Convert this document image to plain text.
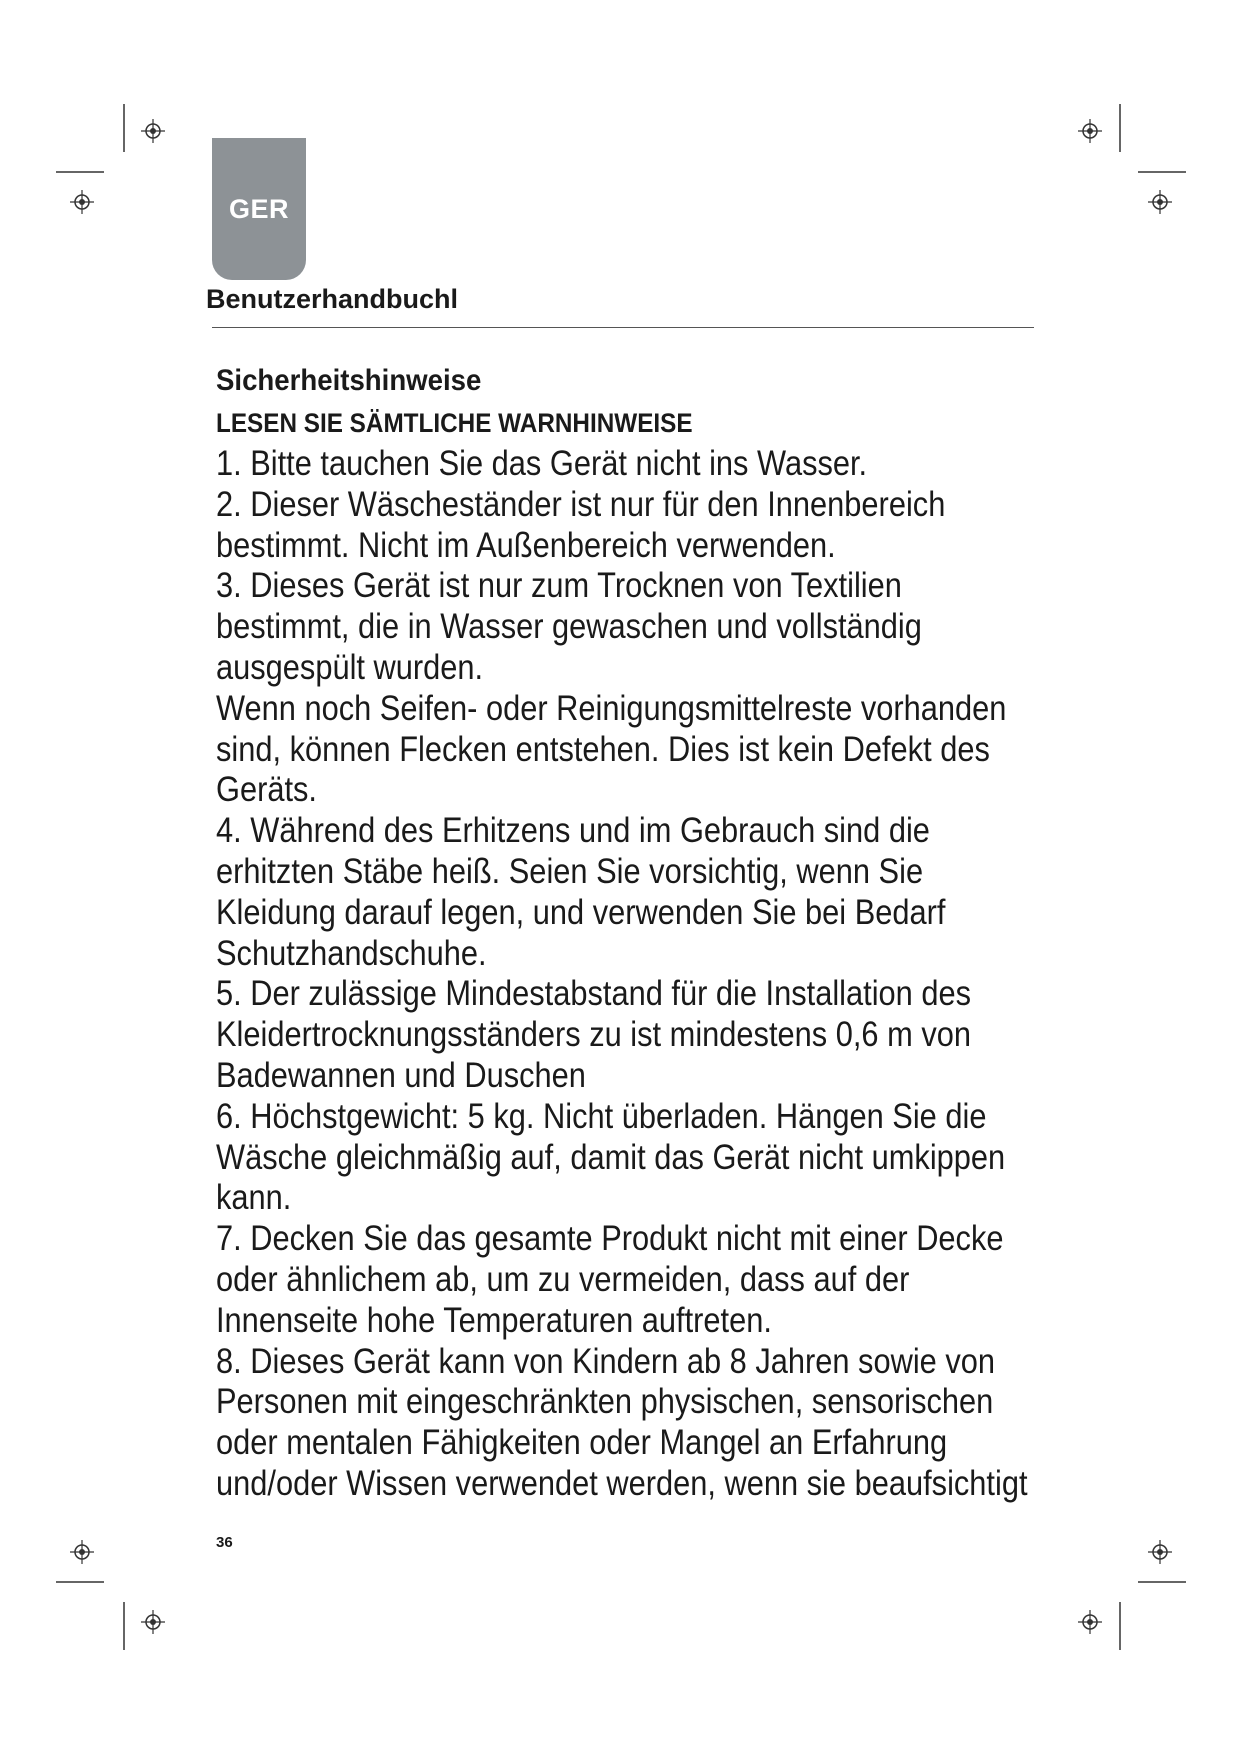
GER
Benutzerhandbuchl
Sicherheitshinweise
LESEN SIE SÄMTLICHE WARNHINWEISE

1. Bitte tauchen Sie das Gerät nicht ins Wasser.

2. Dieser Wäscheständer ist nur für den Innenbereich

bestimmt. Nicht im Außenbereich verwenden.

3. Dieses Gerät ist nur zum Trocknen von Textilien

bestimmt, die in Wasser gewaschen und vollständig

ausgespült wurden.

Wenn noch Seifen- oder Reinigungsmittelreste vorhanden

sind, können Flecken entstehen. Dies ist kein Defekt des

Geräts.

4. Während des Erhitzens und im Gebrauch sind die

erhitzten Stäbe heiß. Seien Sie vorsichtig, wenn Sie

Kleidung darauf legen, und verwenden Sie bei Bedarf

Schutzhandschuhe.

5. Der zulässige Mindestabstand für die Installation des

Kleidertrocknungsständers zu ist mindestens 0,6 m von

Badewannen und Duschen

6. Höchstgewicht: 5 kg. Nicht überladen. Hängen Sie die

Wäsche gleichmäßig auf, damit das Gerät nicht umkippen

kann.

7. Decken Sie das gesamte Produkt nicht mit einer Decke

oder ähnlichem ab, um zu vermeiden, dass auf der

Innenseite hohe Temperaturen auftreten.

8. Dieses Gerät kann von Kindern ab 8 Jahren sowie von

Personen mit eingeschränkten physischen, sensorischen

oder mentalen Fähigkeiten oder Mangel an Erfahrung

und/oder Wissen verwendet werden, wenn sie beaufsichtigt

36
